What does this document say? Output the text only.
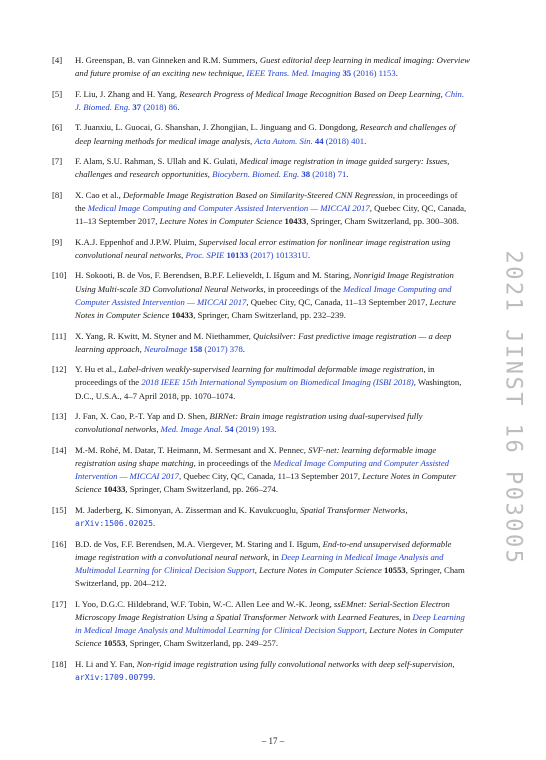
[4] H. Greenspan, B. van Ginneken and R.M. Summers, Guest editorial deep learning in medical imaging: Overview and future promise of an exciting new technique, IEEE Trans. Med. Imaging 35 (2016) 1153.
[5] F. Liu, J. Zhang and H. Yang, Research Progress of Medical Image Recognition Based on Deep Learning, Chin. J. Biomed. Eng. 37 (2018) 86.
[6] T. Juanxiu, L. Guocai, G. Shanshan, J. Zhongjian, L. Jinguang and G. Dongdong, Research and challenges of deep learning methods for medical image analysis, Acta Autom. Sin. 44 (2018) 401.
[7] F. Alam, S.U. Rahman, S. Ullah and K. Gulati, Medical image registration in image guided surgery: Issues, challenges and research opportunities, Biocybern. Biomed. Eng. 38 (2018) 71.
[8] X. Cao et al., Deformable Image Registration Based on Similarity-Steered CNN Regression, in proceedings of the Medical Image Computing and Computer Assisted Intervention — MICCAI 2017, Quebec City, QC, Canada, 11–13 September 2017, Lecture Notes in Computer Science 10433, Springer, Cham Switzerland, pp. 300–308.
[9] K.A.J. Eppenhof and J.P.W. Pluim, Supervised local error estimation for nonlinear image registration using convolutional neural networks, Proc. SPIE 10133 (2017) 101331U.
[10] H. Sokooti, B. de Vos, F. Berendsen, B.P.F. Lelieveldt, I. Išgum and M. Staring, Nonrigid Image Registration Using Multi-scale 3D Convolutional Neural Networks, in proceedings of the Medical Image Computing and Computer Assisted Intervention — MICCAI 2017, Quebec City, QC, Canada, 11–13 September 2017, Lecture Notes in Computer Science 10433, Springer, Cham Switzerland, pp. 232–239.
[11] X. Yang, R. Kwitt, M. Styner and M. Niethammer, Quicksilver: Fast predictive image registration — a deep learning approach, NeuroImage 158 (2017) 378.
[12] Y. Hu et al., Label-driven weakly-supervised learning for multimodal deformable image registration, in proceedings of the 2018 IEEE 15th International Symposium on Biomedical Imaging (ISBI 2018), Washington, D.C., U.S.A., 4–7 April 2018, pp. 1070–1074.
[13] J. Fan, X. Cao, P.-T. Yap and D. Shen, BIRNet: Brain image registration using dual-supervised fully convolutional networks, Med. Image Anal. 54 (2019) 193.
[14] M.-M. Rohé, M. Datar, T. Heimann, M. Sermesant and X. Pennec, SVF-net: learning deformable image registration using shape matching, in proceedings of the Medical Image Computing and Computer Assisted Intervention — MICCAI 2017, Quebec City, QC, Canada, 11–13 September 2017, Lecture Notes in Computer Science 10433, Springer, Cham Switzerland, pp. 266–274.
[15] M. Jaderberg, K. Simonyan, A. Zisserman and K. Kavukcuoglu, Spatial Transformer Networks, arXiv:1506.02025.
[16] B.D. de Vos, F.F. Berendsen, M.A. Viergever, M. Staring and I. Išgum, End-to-end unsupervised deformable image registration with a convolutional neural network, in Deep Learning in Medical Image Analysis and Multimodal Learning for Clinical Decision Support, Lecture Notes in Computer Science 10553, Springer, Cham Switzerland, pp. 204–212.
[17] I. Yoo, D.G.C. Hildebrand, W.F. Tobin, W.-C. Allen Lee and W.-K. Jeong, ssEMnet: Serial-Section Electron Microscopy Image Registration Using a Spatial Transformer Network with Learned Features, in Deep Learning in Medical Image Analysis and Multimodal Learning for Clinical Decision Support, Lecture Notes in Computer Science 10553, Springer, Cham Switzerland, pp. 249–257.
[18] H. Li and Y. Fan, Non-rigid image registration using fully convolutional networks with deep self-supervision, arXiv:1709.00799.
2021 JINST 16 P03005
– 17 –
